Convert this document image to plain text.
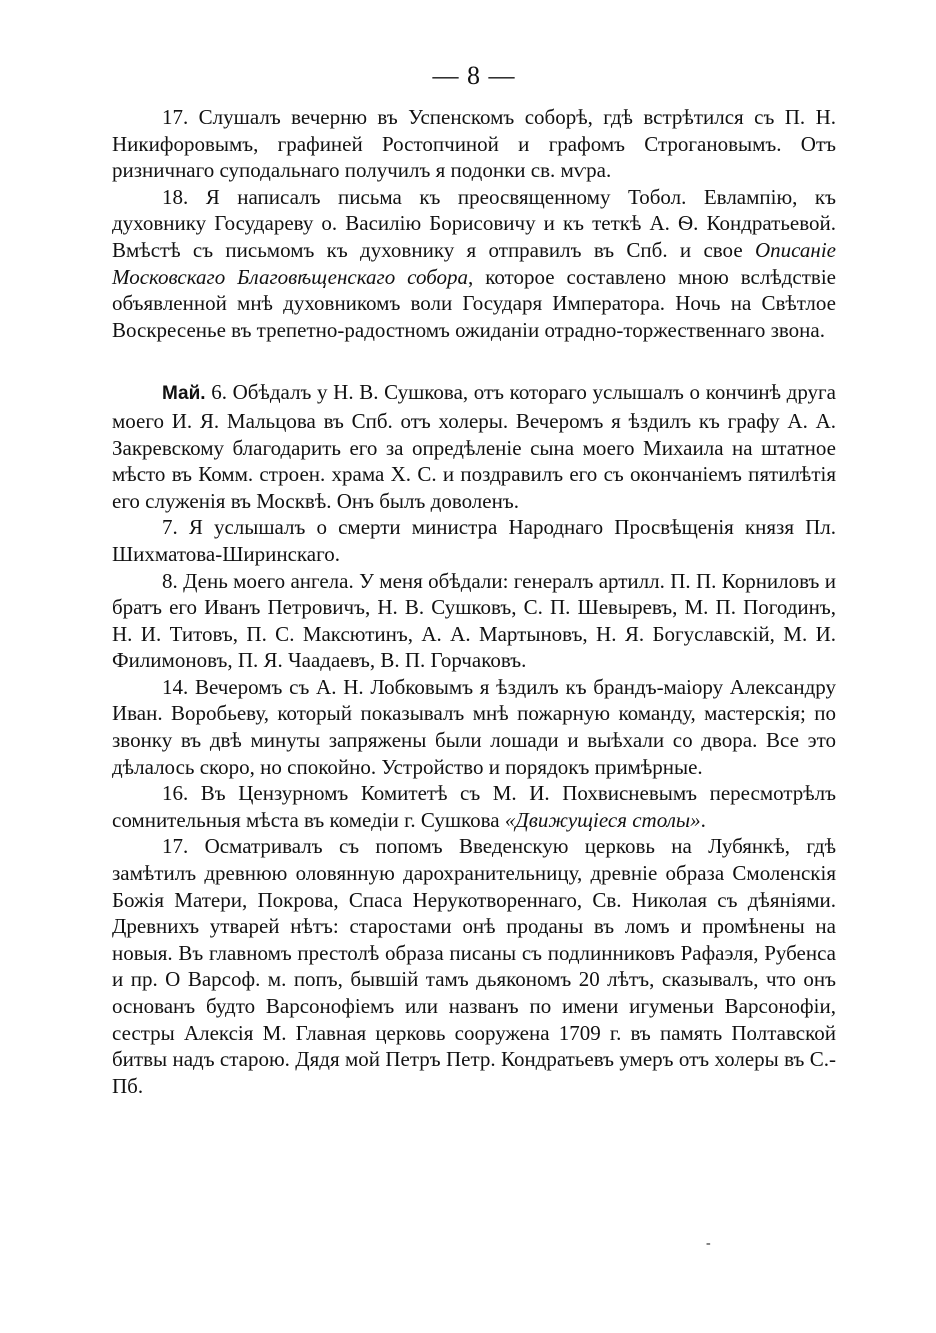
— 8 —

17. Слушалъ вечерню въ Успенскомъ соборѣ, гдѣ встрѣтился съ П. Н. Никифоровымъ, графиней Ростопчиной и графомъ Строгановымъ. Отъ ризничнаго суподальнаго получилъ я подонки св. мѵра.

18. Я написалъ письма къ преосвященному Тобол. Евлампію, къ духовнику Государеву о. Василію Борисовичу и къ теткѣ А. Ѳ. Кондратьевой. Вмѣстѣ съ письмомъ къ духовнику я отправилъ въ Спб. и свое Описаніе Московскаго Благовѣщенскаго собора, которое составлено мною вслѣдствіе объявленной мнѣ духовникомъ воли Государя Императора. Ночь на Свѣтлое Воскресенье въ трепетно-радостномъ ожиданіи отрадно-торжественнаго звона.

Май. 6. Обѣдалъ у Н. В. Сушкова, отъ котораго услышалъ о кончинѣ друга моего И. Я. Мальцова въ Спб. отъ холеры. Вечеромъ я ѣздилъ къ графу А. А. Закревскому благодарить его за опредѣленіе сына моего Михаила на штатное мѣсто въ Комм. строен. храма Х. С. и поздравилъ его съ окончаніемъ пятилѣтія его служенія въ Москвѣ. Онъ былъ доволенъ.

7. Я услышалъ о смерти министра Народнаго Просвѣщенія князя Пл. Шихматова-Ширинскаго.

8. День моего ангела. У меня обѣдали: генералъ артилл. П. П. Корниловъ и братъ его Иванъ Петровичъ, Н. В. Сушковъ, С. П. Шевыревъ, М. П. Погодинъ, Н. И. Титовъ, П. С. Максютинъ, А. А. Мартыновъ, Н. Я. Богуславскій, М. И. Филимоновъ, П. Я. Чаадаевъ, В. П. Горчаковъ.

14. Вечеромъ съ А. Н. Лобковымъ я ѣздилъ къ брандъ-маіору Александру Иван. Воробьеву, который показывалъ мнѣ пожарную команду, мастерскія; по звонку въ двѣ минуты запряжены были лошади и выѣхали со двора. Все это дѣлалось скоро, но спокойно. Устройство и порядокъ примѣрные.

16. Въ Цензурномъ Комитетѣ съ М. И. Похвисневымъ пересмотрѣлъ сомнительныя мѣста въ комедіи г. Сушкова «Движущіеся столы».

17. Осматривалъ съ попомъ Введенскую церковь на Лубянкѣ, гдѣ замѣтилъ древнюю оловянную дарохранительницу, древніе образа Смоленскія Божія Матери, Покрова, Спаса Нерукотвореннаго, Св. Николая съ дѣяніями. Древнихъ утварей нѣтъ: старостами онѣ проданы въ ломъ и промѣнены на новыя. Въ главномъ престолѣ образа писаны съ подлинниковъ Рафаэля, Рубенса и пр. О Варсоф. м. попъ, бывшій тамъ дьякономъ 20 лѣтъ, сказывалъ, что онъ основанъ будто Варсонофіемъ или названъ по имени игуменьи Варсонофіи, сестры Алексія М. Главная церковь сооружена 1709 г. въ память Полтавской битвы надъ старою. Дядя мой Петръ Петр. Кондратьевъ умеръ отъ холеры въ С.-Пб.

-
